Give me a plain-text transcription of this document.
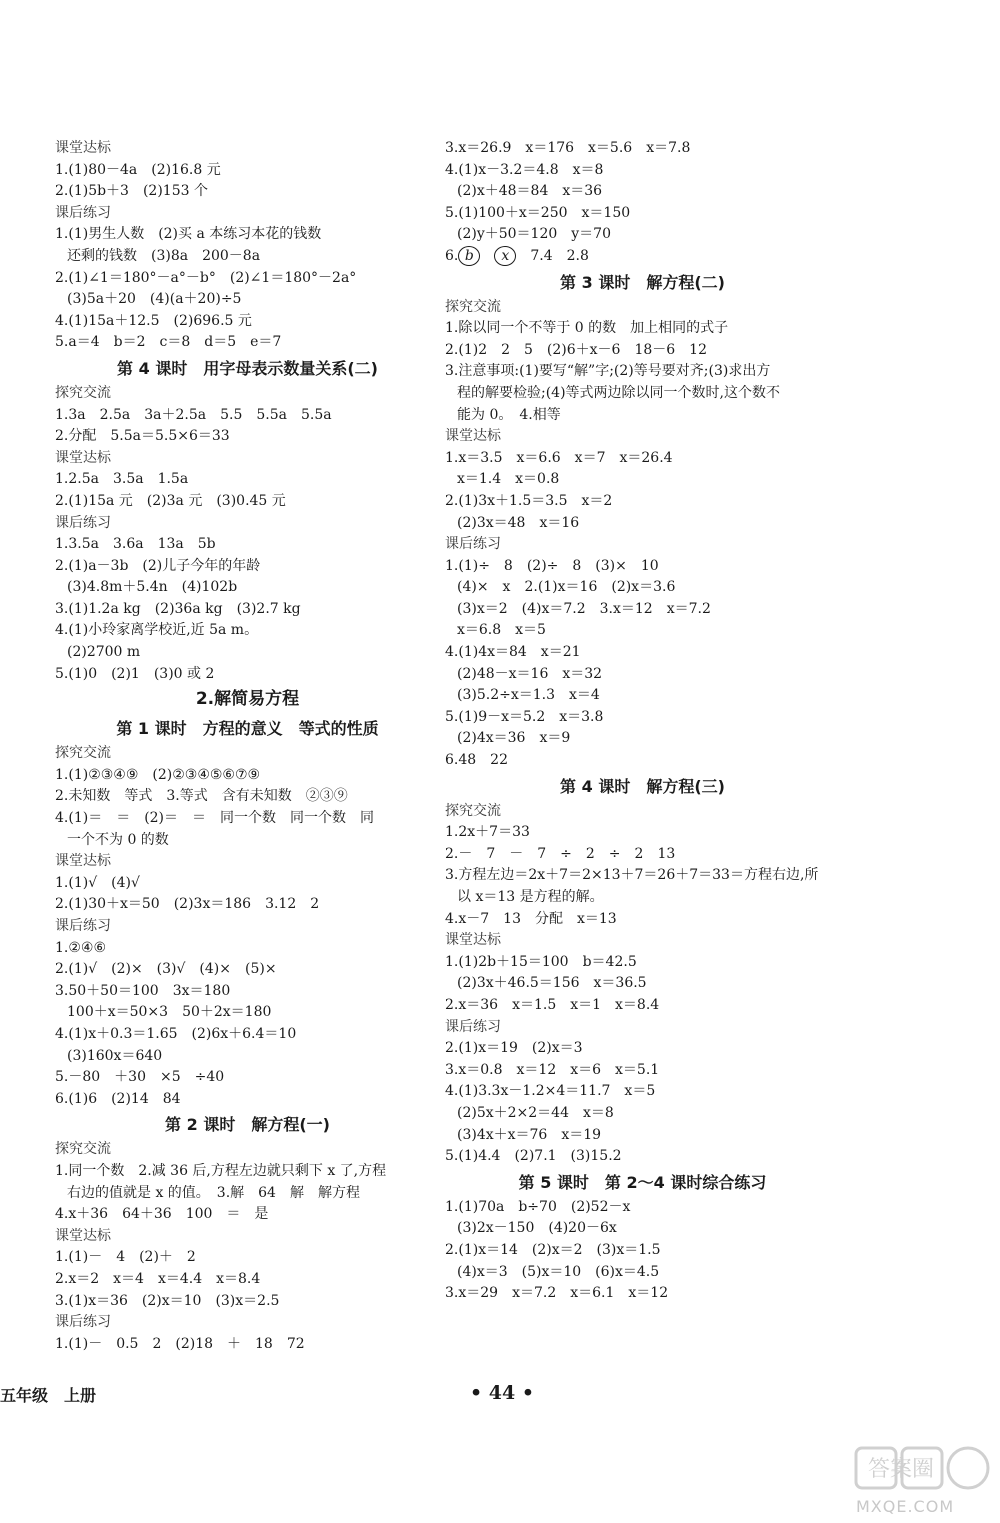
课堂达标
1.(1)80－4a　(2)16.8 元
2.(1)5b＋3　(2)153 个
课后练习
1.(1)男生人数　(2)买 a 本练习本花的钱数
还剩的钱数　(3)8a　200－8a
2.(1)∠1＝180°－a°－b°　(2)∠1＝180°－2a°
(3)5a＋20　(4)(a＋20)÷5
4.(1)15a＋12.5　(2)696.5 元
5.a＝4　b＝2　c＝8　d＝5　e＝7
第 4 课时　用字母表示数量关系(二)
探究交流
1.3a　2.5a　3a＋2.5a　5.5　5.5a　5.5a
2.分配　5.5a＝5.5×6＝33
课堂达标
1.2.5a　3.5a　1.5a
2.(1)15a 元　(2)3a 元　(3)0.45 元
课后练习
1.3.5a　3.6a　13a　5b
2.(1)a－3b　(2)儿子今年的年龄
(3)4.8m＋5.4n　(4)102b
3.(1)1.2a kg　(2)36a kg　(3)2.7 kg
4.(1)小玲家离学校近,近 5a m。
(2)2700 m
5.(1)0　(2)1　(3)0 或 2
2.解简易方程
第 1 课时　方程的意义　等式的性质
探究交流
1.(1)②③④⑨　(2)②③④⑤⑥⑦⑨
2.未知数　等式　3.等式　含有未知数　②③⑨
4.(1)＝　＝　(2)＝　＝　同一个数　同一个数　同
一个不为 0 的数
课堂达标
1.(1)√　(4)√
2.(1)30＋x＝50　(2)3x＝186　3.12　2
课后练习
1.②④⑥
2.(1)√　(2)×　(3)√　(4)×　(5)×
3.50＋50＝100　3x＝180
100＋x＝50×3　50＋2x＝180
4.(1)x＋0.3＝1.65　(2)6x＋6.4＝10
(3)160x＝640
5.－80　＋30　×5　÷40
6.(1)6　(2)14　84
第 2 课时　解方程(一)
探究交流
1.同一个数　2.减 36 后,方程左边就只剩下 x 了,方程
右边的值就是 x 的值。　3.解　64　解　解方程
4.x＋36　64＋36　100　＝　是
课堂达标
1.(1)－　4　(2)＋　2
2.x＝2　x＝4　x＝4.4　x＝8.4
3.(1)x＝36　(2)x＝10　(3)x＝2.5
课后练习
1.(1)－　0.5　2　(2)18　＋　18　72
3.x＝26.9　x＝176　x＝5.6　x＝7.8
4.(1)x－3.2＝4.8　x＝8
(2)x＋48＝84　x＝36
5.(1)100＋x＝250　x＝150
(2)y＋50＝120　y＝70
6. b　 x　7.4　2.8
第 3 课时　解方程(二)
探究交流
1.除以同一个不等于 0 的数　加上相同的式子
2.(1)2　2　5　(2)6＋x－6　18－6　12
3.注意事项:(1)要写“解”字;(2)等号要对齐;(3)求出方
程的解要检验;(4)等式两边除以同一个数时,这个数不
能为 0。　4.相等
课堂达标
1.x＝3.5　x＝6.6　x＝7　x＝26.4
x＝1.4　x＝0.8
2.(1)3x＋1.5＝3.5　x＝2
(2)3x＝48　x＝16
课后练习
1.(1)÷　8　(2)÷　8　(3)×　10
(4)×　x　2.(1)x＝16　(2)x＝3.6
(3)x＝2　(4)x＝7.2　3.x＝12　x＝7.2
x＝6.8　x＝5
4.(1)4x＝84　x＝21
(2)48－x＝16　x＝32
(3)5.2÷x＝1.3　x＝4
5.(1)9－x＝5.2　x＝3.8
(2)4x＝36　x＝9
6.48　22
第 4 课时　解方程(三)
探究交流
1.2x＋7＝33
2.－　7　－　7　÷　2　÷　2　13
3.方程左边＝2x＋7＝2×13＋7＝26＋7＝33＝方程右边,所
以 x＝13 是方程的解。
4.x－7　13　分配　x＝13
课堂达标
1.(1)2b＋15＝100　b＝42.5
(2)3x＋46.5＝156　x＝36.5
2.x＝36　x＝1.5　x＝1　x＝8.4
课后练习
2.(1)x＝19　(2)x＝3
3.x＝0.8　x＝12　x＝6　x＝5.1
4.(1)3.3x－1.2×4＝11.7　x＝5
(2)5x＋2×2＝44　x＝8
(3)4x＋x＝76　x＝19
5.(1)4.4　(2)7.1　(3)15.2
第 5 课时　第 2～4 课时综合练习
1.(1)70a　b÷70　(2)52－x
(3)2x－150　(4)20－6x
2.(1)x＝14　(2)x＝2　(3)x＝1.5
(4)x＝3　(5)x＝10　(6)x＝4.5
3.x＝29　x＝7.2　x＝6.1　x＝12
五年级　上册	• 44 •
答案圈
MXQE.COM
